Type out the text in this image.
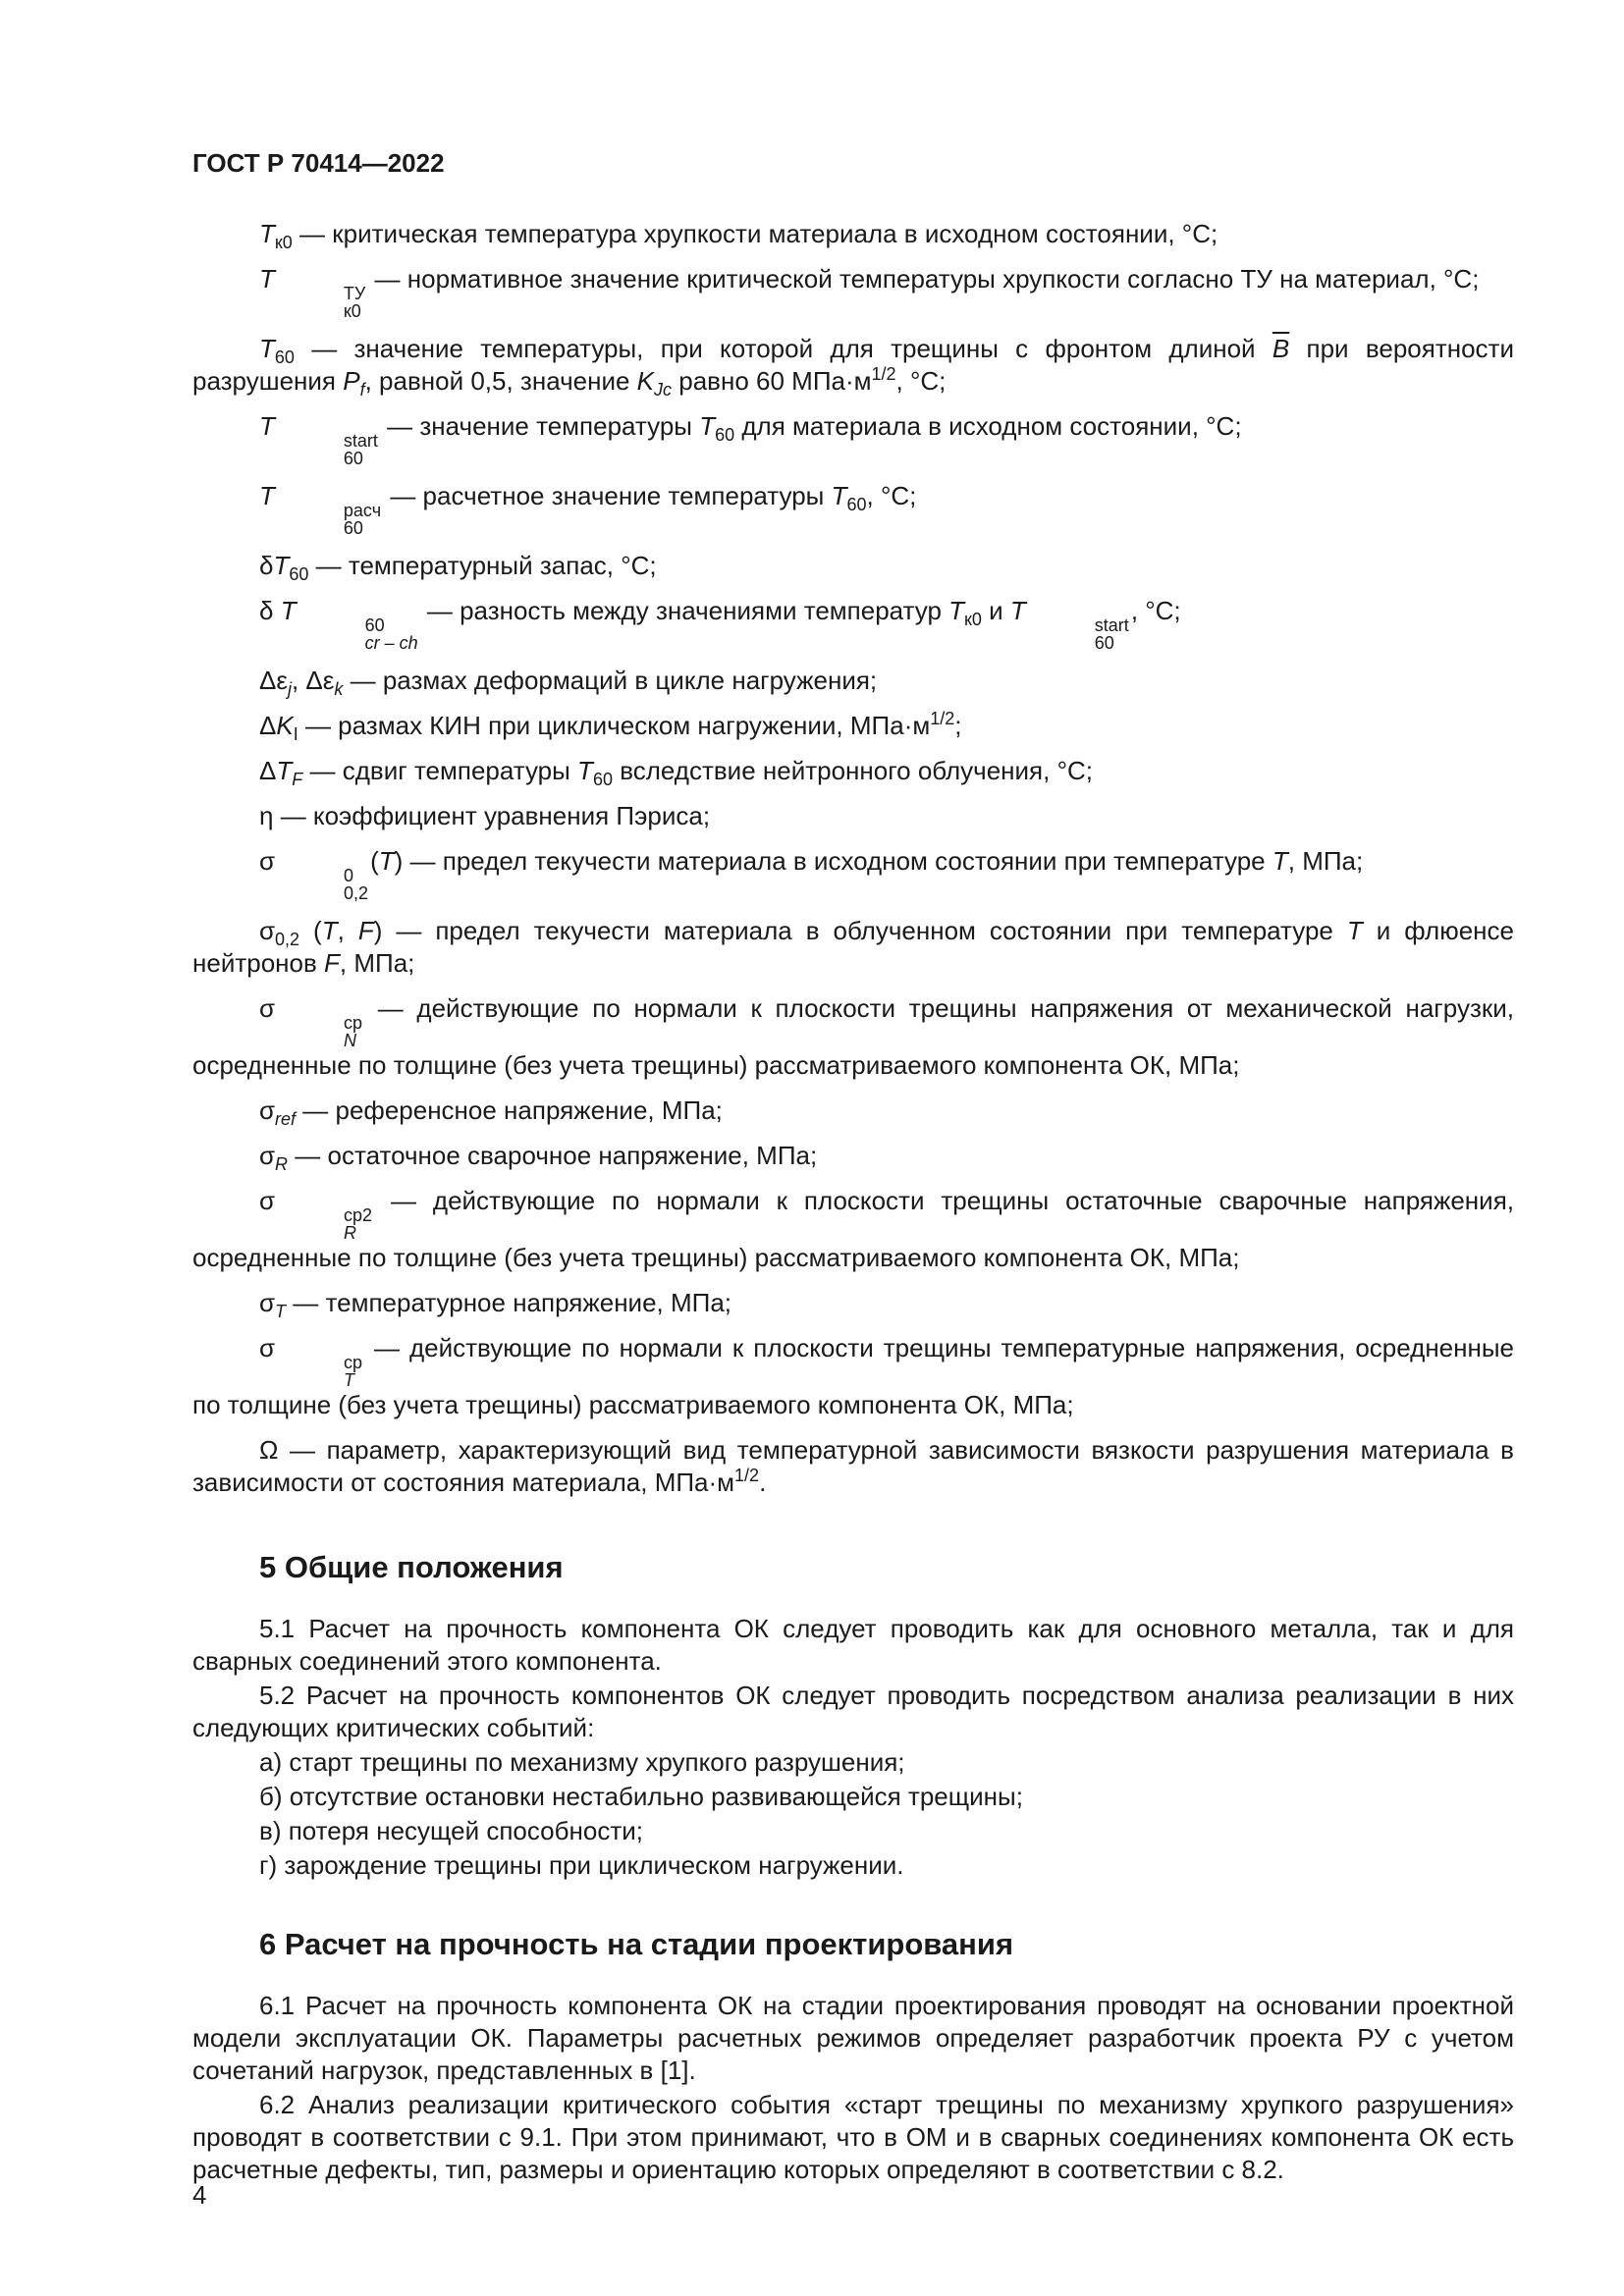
ГОСТ Р 70414—2022
$T_{к0}$ — критическая температура хрупкости материала в исходном состоянии, °С;
T	ТУ
к0
— нормативное значение критической температуры хрупкости согласно ТУ на материал, °С;
$T_{60}$ — значение температуры, при которой для трещины с фронтом длиной $\overline{B}$ при вероятности разрушения $P_f$, равной 0,5, значение $K_{Jc}$ равно 60 $МПа\cdot м^{1/2}$, °С;
T	start
60
— значение температуры $T_{60}$ для материала в исходном состоянии, °С;
T	расч
60
— расчетное значение температуры $T_{60}$, °С;
$\delta T_{60}$ — температурный запас, °С;
δ T	60
cr – ch
— разность между значениями температур $T_{к0}$ и T	start
60
, °С;
$\Delta\varepsilon_j$, $\Delta\varepsilon_k$ — размах деформаций в цикле нагружения;
$\Delta K_I$ — размах КИН при циклическом нагружении, $МПа\cdot м^{1/2}$;
$\Delta T_F$ — сдвиг температуры $T_{60}$ вследствие нейтронного облучения, °С;
η — коэффициент уравнения Пэриса;
σ	0
0,2
(T) — предел текучести материала в исходном состоянии при температуре T, МПа;
$\sigma_{0,2}$ (T, F) — предел текучести материала в облученном состоянии при температуре T и флюенсе нейтронов F, МПа;
σ	ср
N
— действующие по нормали к плоскости трещины напряжения от механической нагрузки, осредненные по толщине (без учета трещины) рассматриваемого компонента ОК, МПа;
$\sigma_{ref}$ — референсное напряжение, МПа;
$\sigma_R$ — остаточное сварочное напряжение, МПа;
σ	ср2
R
— действующие по нормали к плоскости трещины остаточные сварочные напряжения, осредненные по толщине (без учета трещины) рассматриваемого компонента ОК, МПа;
$\sigma_T$ — температурное напряжение, МПа;
σ	ср
T
— действующие по нормали к плоскости трещины температурные напряжения, осредненные по толщине (без учета трещины) рассматриваемого компонента ОК, МПа;
Ω — параметр, характеризующий вид температурной зависимости вязкости разрушения материала в зависимости от состояния материала, $МПа\cdot м^{1/2}$.
5 Общие положения
5.1 Расчет на прочность компонента ОК следует проводить как для основного металла, так и для сварных соединений этого компонента.
5.2 Расчет на прочность компонентов ОК следует проводить посредством анализа реализации в них следующих критических событий:
а) старт трещины по механизму хрупкого разрушения;
б) отсутствие остановки нестабильно развивающейся трещины;
в) потеря несущей способности;
г) зарождение трещины при циклическом нагружении.
6 Расчет на прочность на стадии проектирования
6.1 Расчет на прочность компонента ОК на стадии проектирования проводят на основании проектной модели эксплуатации ОК. Параметры расчетных режимов определяет разработчик проекта РУ с учетом сочетаний нагрузок, представленных в [1].
6.2 Анализ реализации критического события «старт трещины по механизму хрупкого разрушения» проводят в соответствии с 9.1. При этом принимают, что в ОМ и в сварных соединениях компонента ОК есть расчетные дефекты, тип, размеры и ориентацию которых определяют в соответствии с 8.2.
4
